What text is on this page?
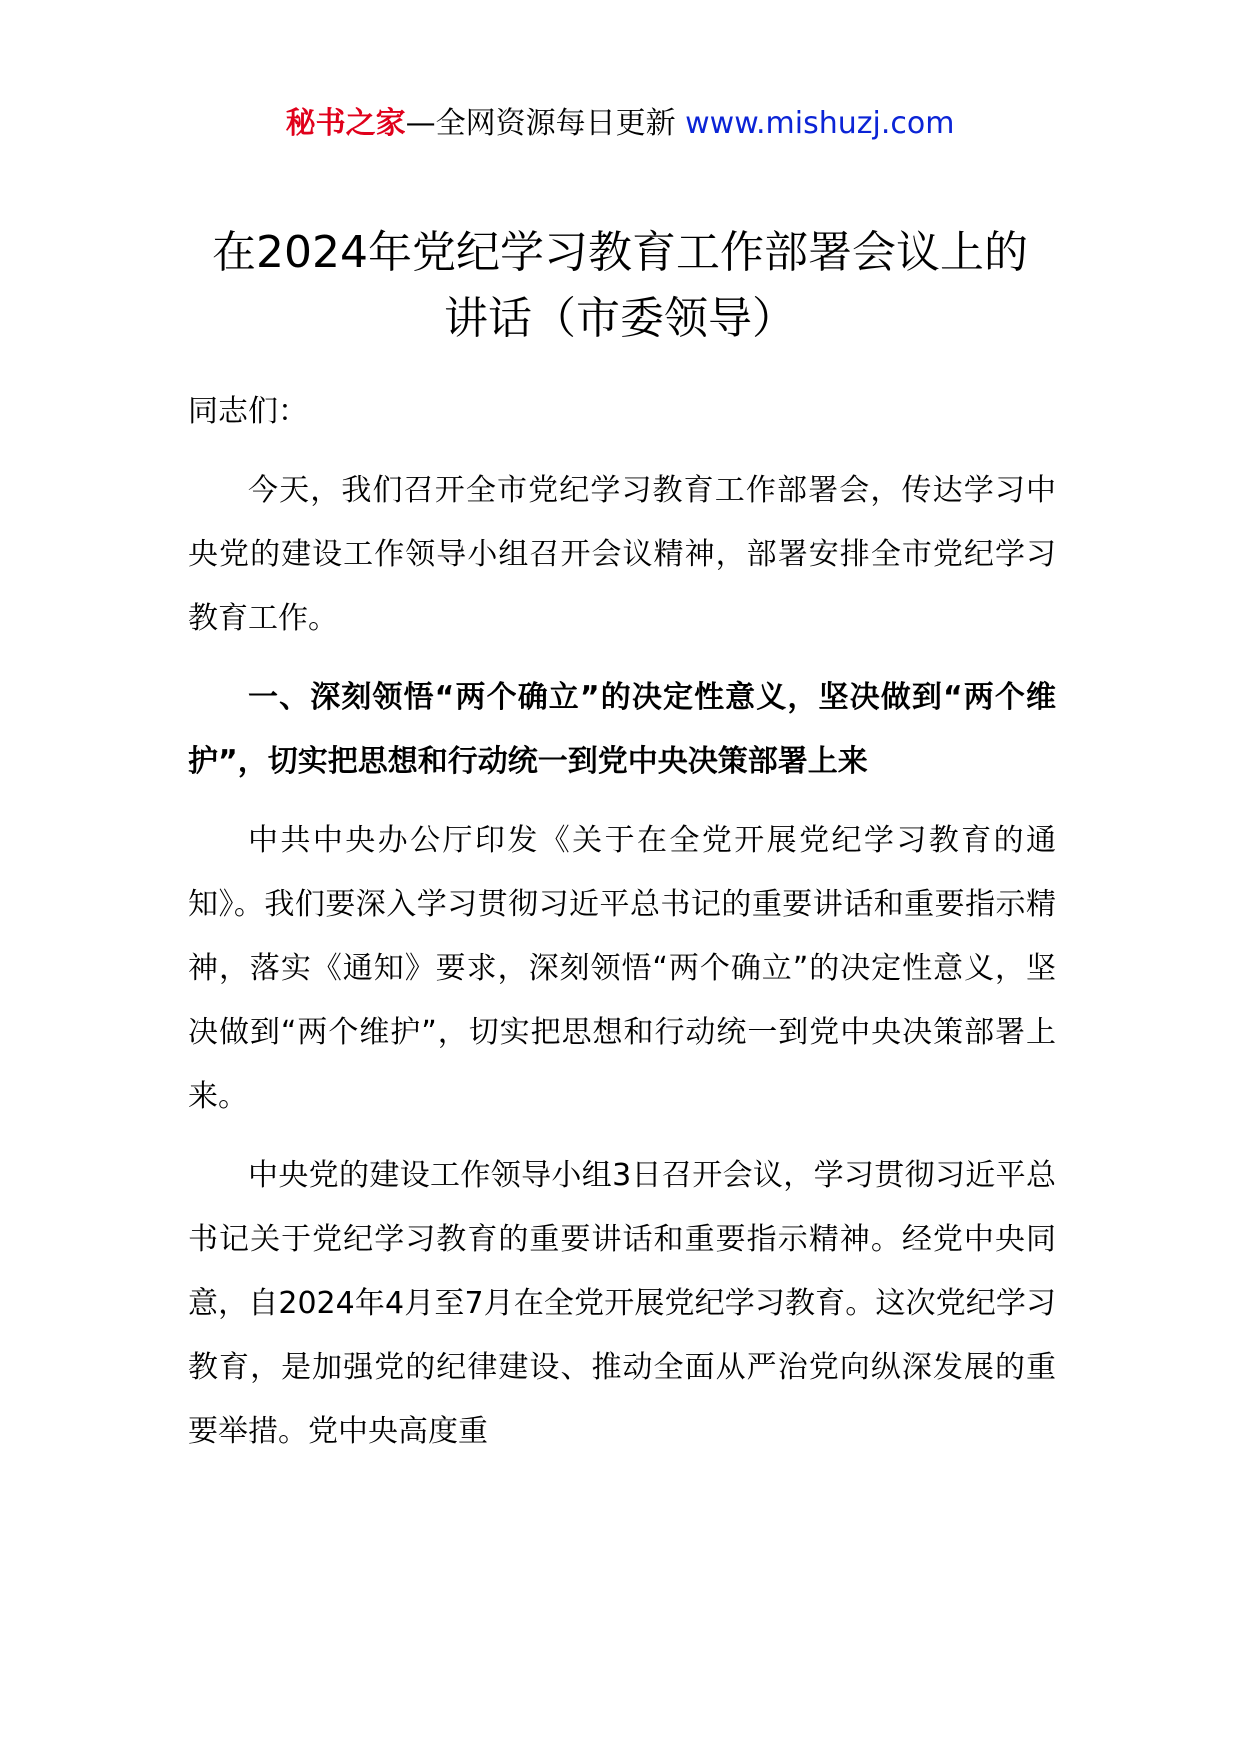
秘书之家—全网资源每日更新 www.mishuzj.com
在2024年党纪学习教育工作部署会议上的
讲话（市委领导）

同志们：

今天，我们召开全市党纪学习教育工作部署会，传达学习中央党的建设工作领导小组召开会议精神，部署安排全市党纪学习教育工作。

一、深刻领悟“两个确立”的决定性意义，坚决做到“两个维护”，切实把思想和行动统一到党中央决策部署上来

中共中央办公厅印发《关于在全党开展党纪学习教育的通知》。我们要深入学习贯彻习近平总书记的重要讲话和重要指示精神，落实《通知》要求，深刻领悟“两个确立”的决定性意义，坚决做到“两个维护”，切实把思想和行动统一到党中央决策部署上来。

中央党的建设工作领导小组3日召开会议，学习贯彻习近平总书记关于党纪学习教育的重要讲话和重要指示精神。经党中央同意，自2024年4月至7月在全党开展党纪学习教育。这次党纪学习教育，是加强党的纪律建设、推动全面从严治党向纵深发展的重要举措。党中央高度重
